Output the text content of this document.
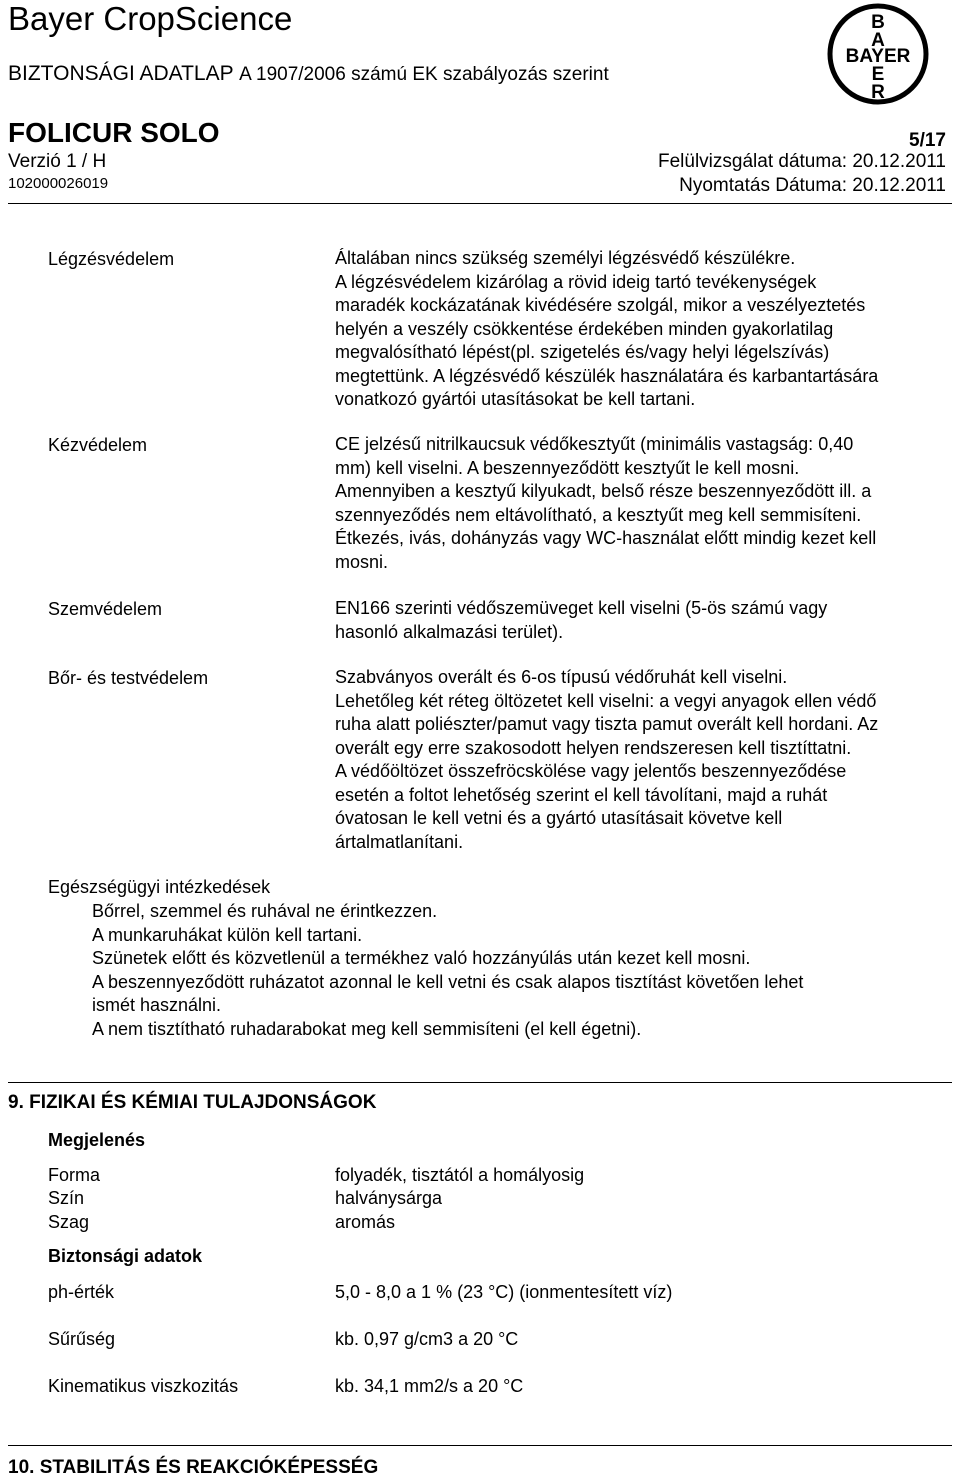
Bayer CropScience
BIZTONSÁGI ADATLAP A 1907/2006 számú EK szabályozás szerint
FOLICUR SOLO
Verzió 1 / H
102000026019
5/17
Felülvizsgálat dátuma: 20.12.2011
Nyomtatás Dátuma: 20.12.2011
B
A
BAYER
E
R
Légzésvédelem	Általában nincs szükség személyi légzésvédő készülékre.
A légzésvédelem kizárólag a rövid ideig tartó tevékenységek
maradék kockázatának kivédésére szolgál, mikor a veszélyeztetés
helyén a veszély csökkentése érdekében minden gyakorlatilag
megvalósítható lépést(pl. szigetelés és/vagy helyi légelszívás)
megtettünk. A légzésvédő készülék használatára és karbantartására
vonatkozó gyártói utasításokat be kell tartani.
Kézvédelem	CE jelzésű nitrilkaucsuk védőkesztyűt (minimális vastagság: 0,40
mm) kell viselni. A beszennyeződött kesztyűt le kell mosni.
Amennyiben a kesztyű kilyukadt, belső része beszennyeződött ill. a
szennyeződés nem eltávolítható, a kesztyűt meg kell semmisíteni.
Étkezés, ivás, dohányzás vagy WC-használat előtt mindig kezet kell
mosni.
Szemvédelem	EN166 szerinti védőszemüveget kell viselni (5-ös számú vagy
hasonló alkalmazási terület).
Bőr- és testvédelem	Szabványos overált és 6-os típusú védőruhát kell viselni.
Lehetőleg két réteg öltözetet kell viselni: a vegyi anyagok ellen védő
ruha alatt poliészter/pamut vagy tiszta pamut overált kell hordani. Az
overált egy erre szakosodott helyen rendszeresen kell tisztíttatni.
A védőöltözet összefröcskölése vagy jelentős beszennyeződése
esetén a foltot lehetőség szerint el kell távolítani, majd a ruhát
óvatosan le kell vetni és a gyártó utasításait követve kell
ártalmatlanítani.
Egészségügyi intézkedések
Bőrrel, szemmel és ruhával ne érintkezzen.
A munkaruhákat külön kell tartani.
Szünetek előtt és közvetlenül a termékhez való hozzányúlás után kezet kell mosni.
A beszennyeződött ruházatot azonnal le kell vetni és csak alapos tisztítást követően lehet
ismét használni.
A nem tisztítható ruhadarabokat meg kell semmisíteni (el kell égetni).
9. FIZIKAI ÉS KÉMIAI TULAJDONSÁGOK
Megjelenés
Forma	folyadék, tisztától a homályosig
Szín	halványsárga
Szag	aromás
Biztonsági adatok
ph-érték	5,0 - 8,0 a 1 % (23 °C) (ionmentesített víz)
Sűrűség	kb. 0,97 g/cm3 a 20 °C
Kinematikus viszkozitás	kb. 34,1 mm2/s a 20 °C
10. STABILITÁS ÉS REAKCIÓKÉPESSÉG
